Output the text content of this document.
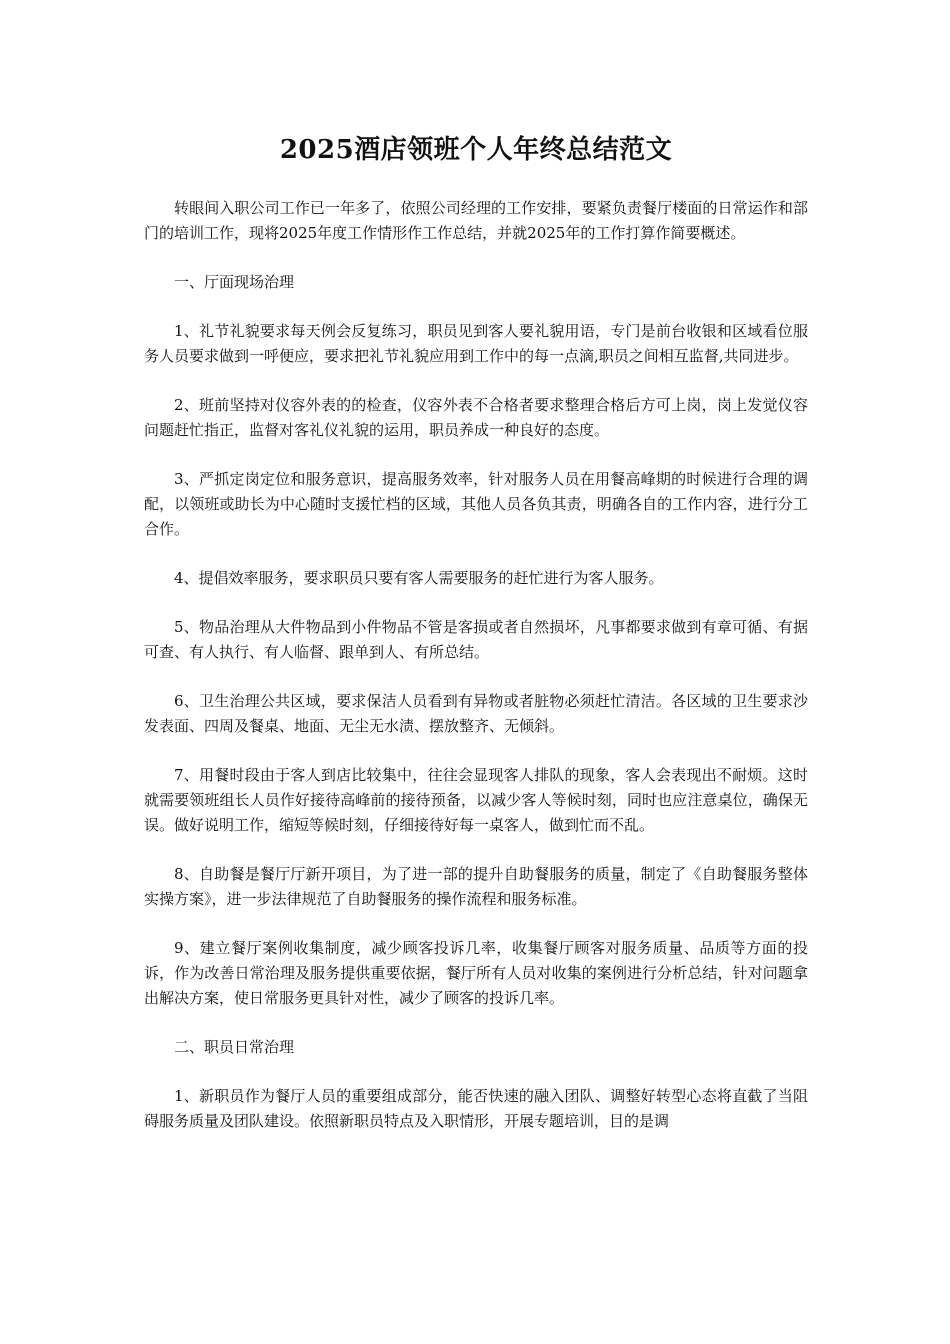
2025酒店领班个人年终总结范文

转眼间入职公司工作已一年多了，依照公司经理的工作安排，要紧负责餐厅楼面的日常运作和部门的培训工作，现将2025年度工作情形作工作总结，并就2025年的工作打算作简要概述。

一、厅面现场治理

1、礼节礼貌要求每天例会反复练习，职员见到客人要礼貌用语，专门是前台收银和区域看位服务人员要求做到一呼便应，要求把礼节礼貌应用到工作中的每一点滴,职员之间相互监督,共同进步。

2、班前坚持对仪容外表的的检查，仪容外表不合格者要求整理合格后方可上岗，岗上发觉仪容问题赶忙指正，监督对客礼仪礼貌的运用，职员养成一种良好的态度。

3、严抓定岗定位和服务意识，提高服务效率，针对服务人员在用餐高峰期的时候进行合理的调配，以领班或助长为中心随时支援忙档的区域，其他人员各负其责，明确各自的工作内容，进行分工合作。

4、提倡效率服务，要求职员只要有客人需要服务的赶忙进行为客人服务。

5、物品治理从大件物品到小件物品不管是客损或者自然损坏，凡事都要求做到有章可循、有据可查、有人执行、有人临督、跟单到人、有所总结。

6、卫生治理公共区域，要求保洁人员看到有异物或者脏物必须赶忙清洁。各区域的卫生要求沙发表面、四周及餐桌、地面、无尘无水渍、摆放整齐、无倾斜。

7、用餐时段由于客人到店比较集中，往往会显现客人排队的现象，客人会表现出不耐烦。这时就需要领班组长人员作好接待高峰前的接待预备，以减少客人等候时刻，同时也应注意桌位，确保无误。做好说明工作，缩短等候时刻，仔细接待好每一桌客人，做到忙而不乱。

8、自助餐是餐厅厅新开项目，为了进一部的提升自助餐服务的质量，制定了《自助餐服务整体实操方案》，进一步法律规范了自助餐服务的操作流程和服务标准。

9、建立餐厅案例收集制度，减少顾客投诉几率，收集餐厅顾客对服务质量、品质等方面的投诉，作为改善日常治理及服务提供重要依据，餐厅所有人员对收集的案例进行分析总结，针对问题拿出解决方案，使日常服务更具针对性，减少了顾客的投诉几率。

二、职员日常治理

1、新职员作为餐厅人员的重要组成部分，能否快速的融入团队、调整好转型心态将直截了当阻碍服务质量及团队建设。依照新职员特点及入职情形，开展专题培训，目的是调
